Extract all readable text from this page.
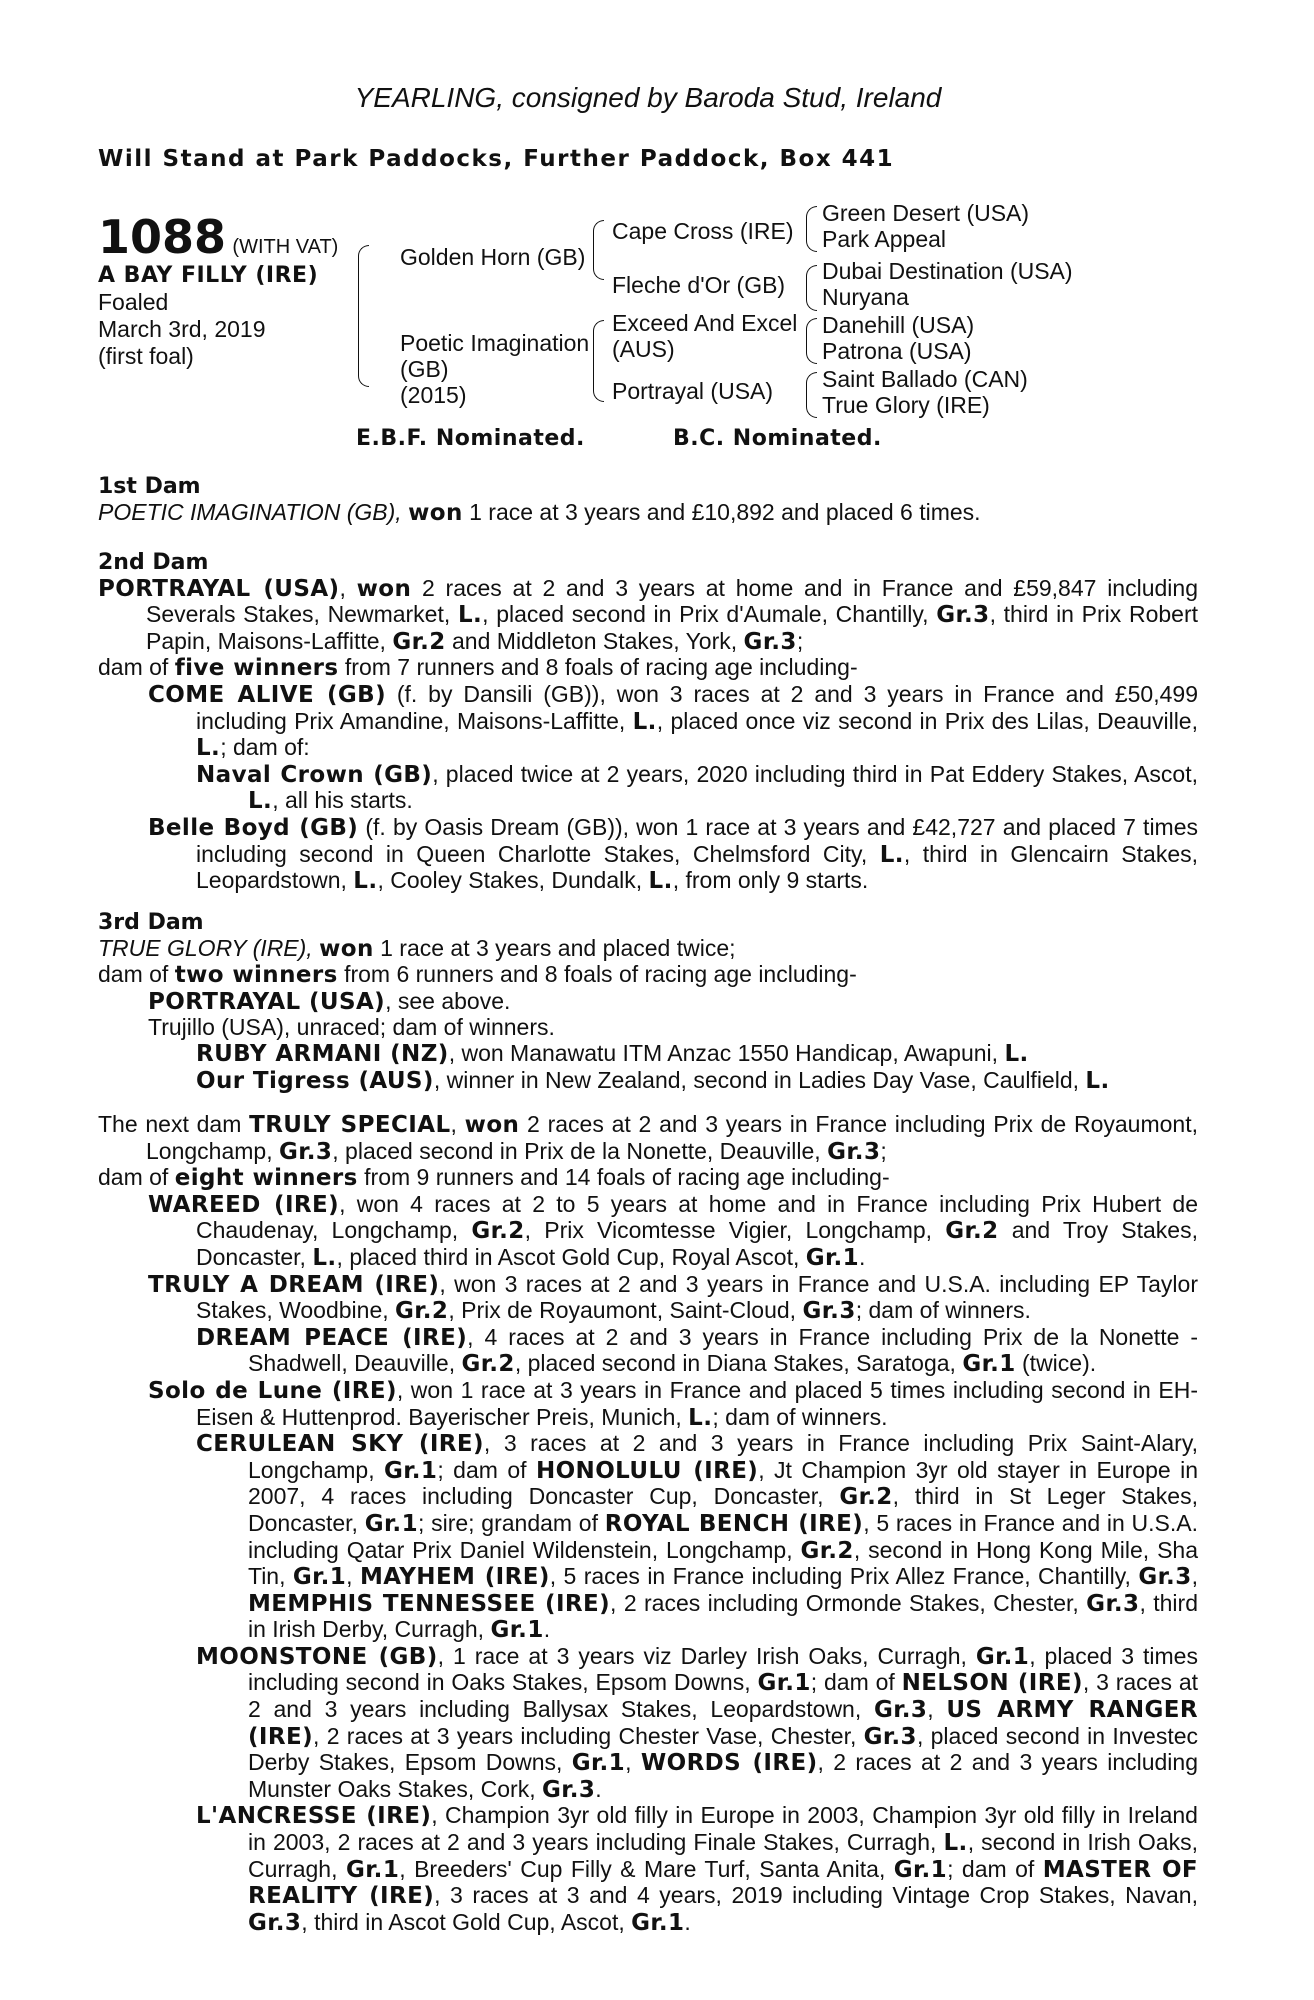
YEARLING, consigned by Baroda Stud, Ireland
Will Stand at Park Paddocks, Further Paddock, Box 441
1088 (WITH VAT)
A BAY FILLY (IRE)
Foaled
March 3rd, 2019
(first foal)
Golden Horn (GB)
Poetic Imagination
(GB)
(2015)
Cape Cross (IRE)
Fleche d'Or (GB)
Exceed And Excel
(AUS)
Portrayal (USA)
Green Desert (USA)
Park Appeal
Dubai Destination (USA)
Nuryana
Danehill (USA)
Patrona (USA)
Saint Ballado (CAN)
True Glory (IRE)
E.B.F. Nominated.	B.C. Nominated.

1st Dam

POETIC IMAGINATION (GB), won 1 race at 3 years and £10,892 and placed 6 times.

2nd Dam

PORTRAYAL (USA), won 2 races at 2 and 3 years at home and in France and £59,847 including Severals Stakes, Newmarket, L., placed second in Prix d'Aumale, Chantilly, Gr.3, third in Prix Robert Papin, Maisons-Laffitte, Gr.2 and Middleton Stakes, York, Gr.3;

dam of five winners from 7 runners and 8 foals of racing age including-

COME ALIVE (GB) (f. by Dansili (GB)), won 3 races at 2 and 3 years in France and £50,499 including Prix Amandine, Maisons-Laffitte, L., placed once viz second in Prix des Lilas, Deauville, L.; dam of:

Naval Crown (GB), placed twice at 2 years, 2020 including third in Pat Eddery Stakes, Ascot, L., all his starts.

Belle Boyd (GB) (f. by Oasis Dream (GB)), won 1 race at 3 years and £42,727 and placed 7 times including second in Queen Charlotte Stakes, Chelmsford City, L., third in Glencairn Stakes, Leopardstown, L., Cooley Stakes, Dundalk, L., from only 9 starts.

3rd Dam

TRUE GLORY (IRE), won 1 race at 3 years and placed twice;

dam of two winners from 6 runners and 8 foals of racing age including-

PORTRAYAL (USA), see above.

Trujillo (USA), unraced; dam of winners.

RUBY ARMANI (NZ), won Manawatu ITM Anzac 1550 Handicap, Awapuni, L.

Our Tigress (AUS), winner in New Zealand, second in Ladies Day Vase, Caulfield, L.

The next dam TRULY SPECIAL, won 2 races at 2 and 3 years in France including Prix de Royaumont, Longchamp, Gr.3, placed second in Prix de la Nonette, Deauville, Gr.3;

dam of eight winners from 9 runners and 14 foals of racing age including-

WAREED (IRE), won 4 races at 2 to 5 years at home and in France including Prix Hubert de Chaudenay, Longchamp, Gr.2, Prix Vicomtesse Vigier, Longchamp, Gr.2 and Troy Stakes, Doncaster, L., placed third in Ascot Gold Cup, Royal Ascot, Gr.1.

TRULY A DREAM (IRE), won 3 races at 2 and 3 years in France and U.S.A. including EP Taylor Stakes, Woodbine, Gr.2, Prix de Royaumont, Saint-Cloud, Gr.3; dam of winners.

DREAM PEACE (IRE), 4 races at 2 and 3 years in France including Prix de la Nonette - Shadwell, Deauville, Gr.2, placed second in Diana Stakes, Saratoga, Gr.1 (twice).

Solo de Lune (IRE), won 1 race at 3 years in France and placed 5 times including second in EH-Eisen & Huttenprod. Bayerischer Preis, Munich, L.; dam of winners.

CERULEAN SKY (IRE), 3 races at 2 and 3 years in France including Prix Saint-Alary, Longchamp, Gr.1; dam of HONOLULU (IRE), Jt Champion 3yr old stayer in Europe in 2007, 4 races including Doncaster Cup, Doncaster, Gr.2, third in St Leger Stakes, Doncaster, Gr.1; sire; grandam of ROYAL BENCH (IRE), 5 races in France and in U.S.A. including Qatar Prix Daniel Wildenstein, Longchamp, Gr.2, second in Hong Kong Mile, Sha Tin, Gr.1, MAYHEM (IRE), 5 races in France including Prix Allez France, Chantilly, Gr.3, MEMPHIS TENNESSEE (IRE), 2 races including Ormonde Stakes, Chester, Gr.3, third in Irish Derby, Curragh, Gr.1.

MOONSTONE (GB), 1 race at 3 years viz Darley Irish Oaks, Curragh, Gr.1, placed 3 times including second in Oaks Stakes, Epsom Downs, Gr.1; dam of NELSON (IRE), 3 races at 2 and 3 years including Ballysax Stakes, Leopardstown, Gr.3, US ARMY RANGER (IRE), 2 races at 3 years including Chester Vase, Chester, Gr.3, placed second in Investec Derby Stakes, Epsom Downs, Gr.1, WORDS (IRE), 2 races at 2 and 3 years including Munster Oaks Stakes, Cork, Gr.3.

L'ANCRESSE (IRE), Champion 3yr old filly in Europe in 2003, Champion 3yr old filly in Ireland in 2003, 2 races at 2 and 3 years including Finale Stakes, Curragh, L., second in Irish Oaks, Curragh, Gr.1, Breeders' Cup Filly & Mare Turf, Santa Anita, Gr.1; dam of MASTER OF REALITY (IRE), 3 races at 3 and 4 years, 2019 including Vintage Crop Stakes, Navan, Gr.3, third in Ascot Gold Cup, Ascot, Gr.1.
